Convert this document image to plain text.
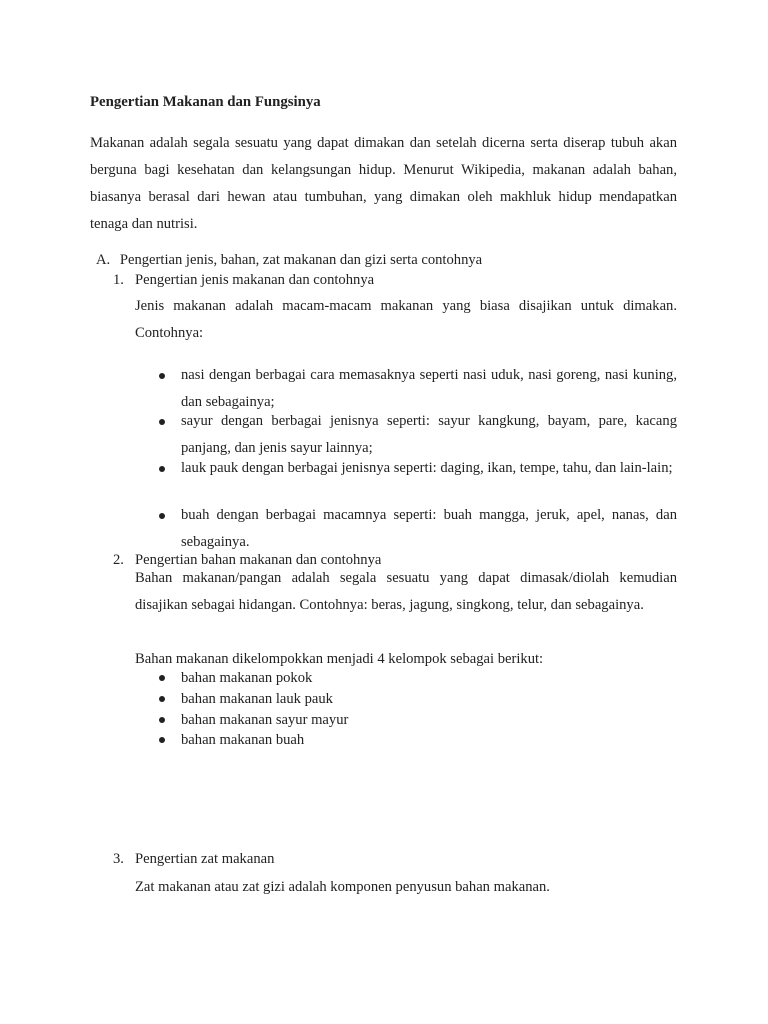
Pengertian Makanan dan Fungsinya
Makanan adalah segala sesuatu yang dapat dimakan dan setelah dicerna serta diserap tubuh akan berguna bagi kesehatan dan kelangsungan hidup. Menurut Wikipedia, makanan adalah bahan, biasanya berasal dari hewan atau tumbuhan, yang dimakan oleh makhluk hidup mendapatkan tenaga dan nutrisi.
A. Pengertian jenis, bahan, zat makanan dan gizi serta contohnya
1. Pengertian jenis makanan dan contohnya
Jenis makanan adalah macam-macam makanan yang biasa disajikan untuk dimakan. Contohnya:
nasi dengan berbagai cara memasaknya seperti nasi uduk, nasi goreng, nasi kuning, dan sebagainya;
sayur dengan berbagai jenisnya seperti: sayur kangkung, bayam, pare, kacang panjang, dan jenis sayur lainnya;
lauk pauk dengan berbagai jenisnya seperti: daging, ikan, tempe, tahu, dan lain-lain;
buah dengan berbagai macamnya seperti: buah mangga, jeruk, apel, nanas, dan sebagainya.
2. Pengertian bahan makanan dan contohnya
Bahan makanan/pangan adalah segala sesuatu yang dapat dimasak/diolah kemudian disajikan sebagai hidangan. Contohnya: beras, jagung, singkong, telur, dan sebagainya.
Bahan makanan dikelompokkan menjadi 4 kelompok sebagai berikut:
bahan makanan pokok
bahan makanan lauk pauk
bahan makanan sayur mayur
bahan makanan buah
3. Pengertian zat makanan
Zat makanan atau zat gizi adalah komponen penyusun bahan makanan.
